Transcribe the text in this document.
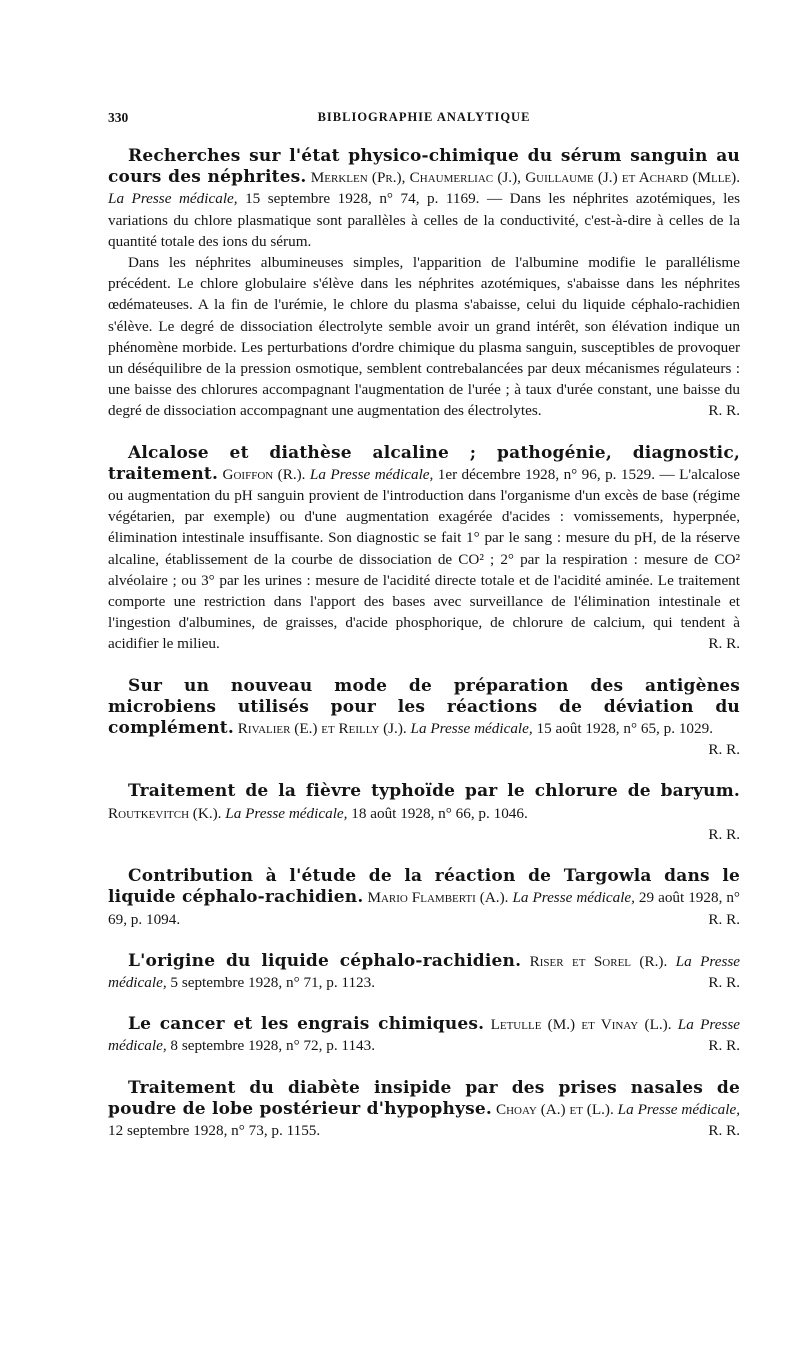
330	BIBLIOGRAPHIE ANALYTIQUE

Recherches sur l'état physico-chimique du sérum sanguin au cours des néphrites. Merklen (Pr.), Chaumerliac (J.), Guillaume (J.) et Achard (Mlle). La Presse médicale, 15 septembre 1928, n° 74, p. 1169. — Dans les néphrites azotémiques, les variations du chlore plasmatique sont parallèles à celles de la conductivité, c'est-à-dire à celles de la quantité totale des ions du sérum.

Dans les néphrites albumineuses simples, l'apparition de l'albumine modifie le parallélisme précédent. Le chlore globulaire s'élève dans les néphrites azotémiques, s'abaisse dans les néphrites œdémateuses. A la fin de l'urémie, le chlore du plasma s'abaisse, celui du liquide céphalo-rachidien s'élève. Le degré de dissociation électrolyte semble avoir un grand intérêt, son élévation indique un phénomène morbide. Les perturbations d'ordre chimique du plasma sanguin, susceptibles de provoquer un déséquilibre de la pression osmotique, semblent contrebalancées par deux mécanismes régulateurs : une baisse des chlorures accompagnant l'augmentation de l'urée ; à taux d'urée constant, une baisse du degré de dissociation accompagnant une augmentation des électrolytes.	R. R.

Alcalose et diathèse alcaline ; pathogénie, diagnostic, traitement. Goiffon (R.). La Presse médicale, 1er décembre 1928, n° 96, p. 1529. — L'alcalose ou augmentation du pH sanguin provient de l'introduction dans l'organisme d'un excès de base (régime végétarien, par exemple) ou d'une augmentation exagérée d'acides : vomissements, hyperpnée, élimination intestinale insuffisante. Son diagnostic se fait 1° par le sang : mesure du pH, de la réserve alcaline, établissement de la courbe de dissociation de CO² ; 2° par la respiration : mesure de CO² alvéolaire ; ou 3° par les urines : mesure de l'acidité directe totale et de l'acidité aminée. Le traitement comporte une restriction dans l'apport des bases avec surveillance de l'élimination intestinale et l'ingestion d'albumines, de graisses, d'acide phosphorique, de chlorure de calcium, qui tendent à acidifier le milieu.	R. R.

Sur un nouveau mode de préparation des antigènes microbiens utilisés pour les réactions de déviation du complément. Rivalier (E.) et Reilly (J.). La Presse médicale, 15 août 1928, n° 65, p. 1029.

R. R.

Traitement de la fièvre typhoïde par le chlorure de baryum. Routkevitch (K.). La Presse médicale, 18 août 1928, n° 66, p. 1046.

R. R.

Contribution à l'étude de la réaction de Targowla dans le liquide céphalo-rachidien. Mario Flamberti (A.). La Presse médicale, 29 août 1928, n° 69, p. 1094.	R. R.

L'origine du liquide céphalo-rachidien. Riser et Sorel (R.). La Presse médicale, 5 septembre 1928, n° 71, p. 1123.	R. R.

Le cancer et les engrais chimiques. Letulle (M.) et Vinay (L.). La Presse médicale, 8 septembre 1928, n° 72, p. 1143.	R. R.

Traitement du diabète insipide par des prises nasales de poudre de lobe postérieur d'hypophyse. Choay (A.) et (L.). La Presse médicale, 12 septembre 1928, n° 73, p. 1155.	R. R.
